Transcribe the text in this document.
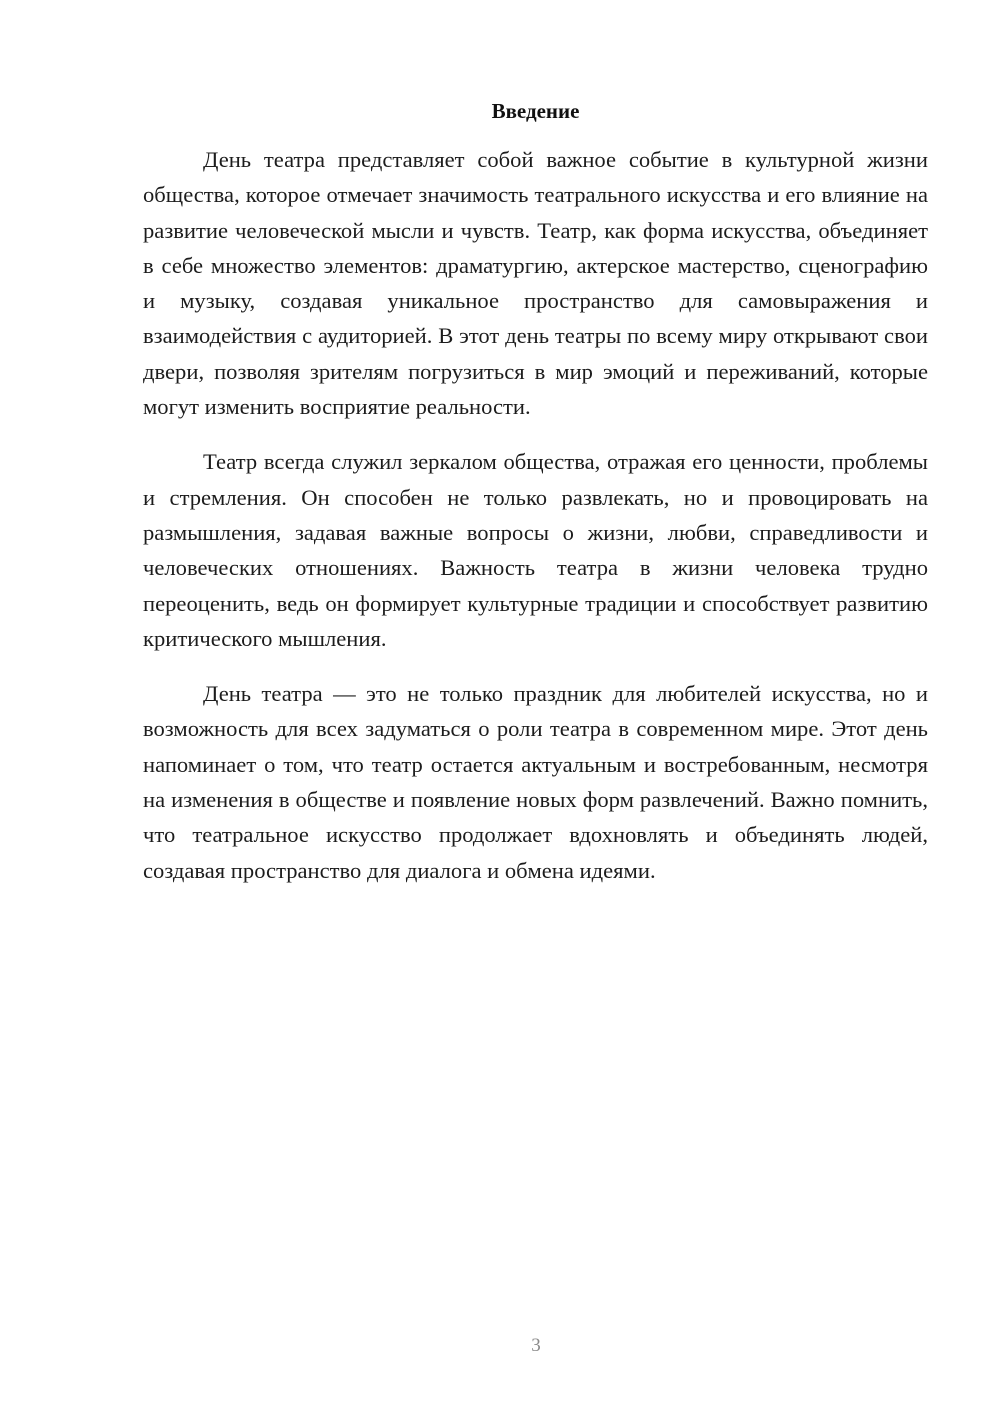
Введение

День театра представляет собой важное событие в культурной жизни общества, которое отмечает значимость театрального искусства и его влияние на развитие человеческой мысли и чувств. Театр, как форма искусства, объединяет в себе множество элементов: драматургию, актерское мастерство, сценографию и музыку, создавая уникальное пространство для самовыражения и взаимодействия с аудиторией. В этот день театры по всему миру открывают свои двери, позволяя зрителям погрузиться в мир эмоций и переживаний, которые могут изменить восприятие реальности.

Театр всегда служил зеркалом общества, отражая его ценности, проблемы и стремления. Он способен не только развлекать, но и провоцировать на размышления, задавая важные вопросы о жизни, любви, справедливости и человеческих отношениях. Важность театра в жизни человека трудно переоценить, ведь он формирует культурные традиции и способствует развитию критического мышления.

День театра — это не только праздник для любителей искусства, но и возможность для всех задуматься о роли театра в современном мире. Этот день напоминает о том, что театр остается актуальным и востребованным, несмотря на изменения в обществе и появление новых форм развлечений. Важно помнить, что театральное искусство продолжает вдохновлять и объединять людей, создавая пространство для диалога и обмена идеями.

3
